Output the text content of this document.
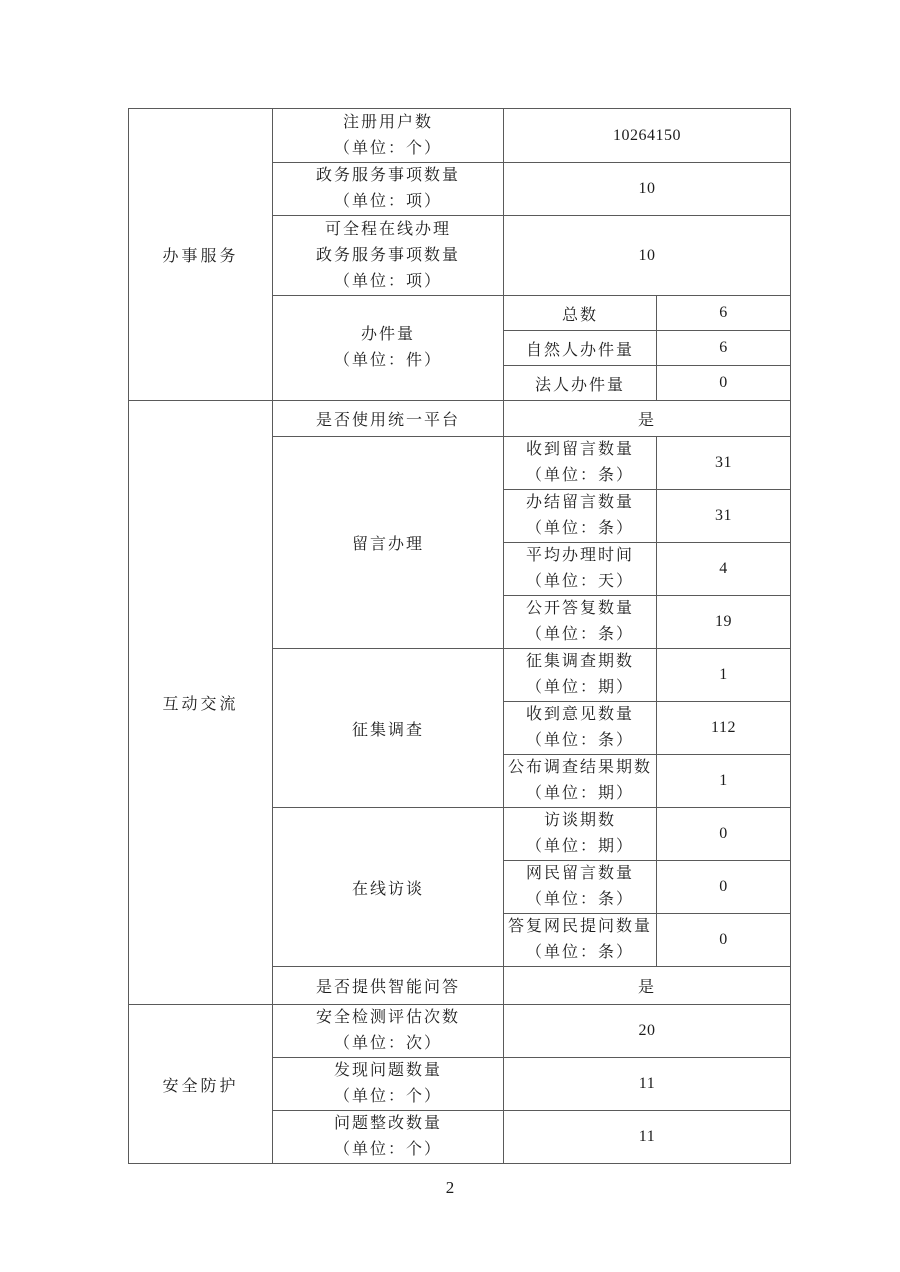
办事服务	注册用户数
（单位：个）	10264150	

	政务服务事项数量
（单位：项）	10	

	可全程在线办理
政务服务事项数量
（单位：项）	10	

	办件量
（单位：件）	总数	6
		自然人办件量	6
		法人办件量	0
互动交流	是否使用统一平台	是	
	留言办理	收到留言数量
（单位：条）	31

		办结留言数量
（单位：条）	31

		平均办理时间
（单位：天）	4

		公开答复数量
（单位：条）	19
	征集调查	征集调查期数
（单位：期）	1

		收到意见数量
（单位：条）	112

		公布调查结果期数
（单位：期）	1
	在线访谈	访谈期数
（单位：期）	0

		网民留言数量
（单位：条）	0

		答复网民提问数量
（单位：条）	0
	是否提供智能问答	是	
安全防护	安全检测评估次数
（单位：次）	20	

	发现问题数量
（单位：个）	11	

	问题整改数量
（单位：个）	11	
2
